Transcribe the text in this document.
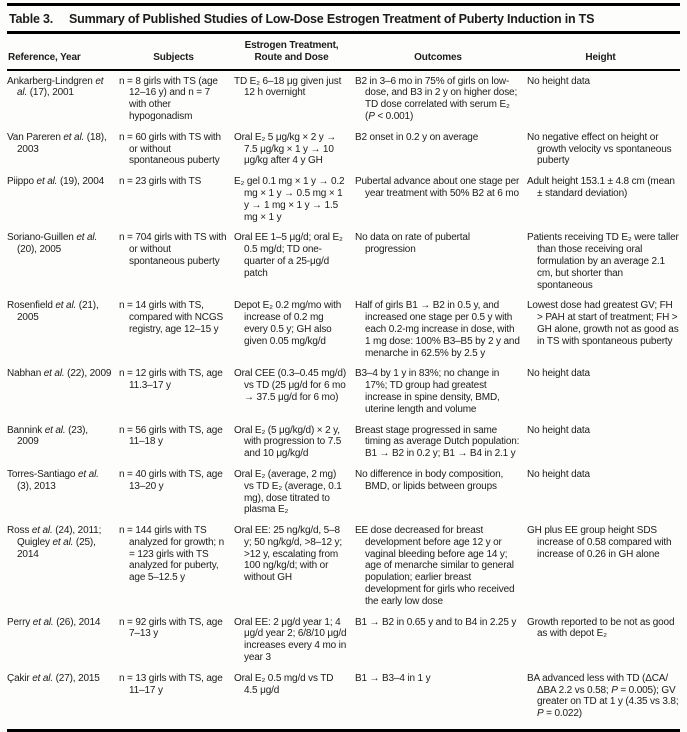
Table 3. Summary of Published Studies of Low-Dose Estrogen Treatment of Puberty Induction in TS
Reference, Year	Subjects	Estrogen Treatment, Route and Dose	Outcomes	Height

Ankarberg-Lindgren et al. (17), 2001	n = 8 girls with TS (age 12–16 y) and n = 7 with other hypogonadism	TD E₂ 6–18 μg given just 12 h overnight	B2 in 3–6 mo in 75% of girls on low-dose, and B3 in 2 y on higher dose; TD dose correlated with serum E₂ (P < 0.001)	No height data

Van Pareren et al. (18), 2003	n = 60 girls with TS with or without spontaneous puberty	Oral E₂ 5 μg/kg × 2 y → 7.5 μg/kg × 1 y → 10 μg/kg after 4 y GH	B2 onset in 0.2 y on average	No negative effect on height or growth velocity vs spontaneous puberty

Piippo et al. (19), 2004	n = 23 girls with TS	E₂ gel 0.1 mg × 1 y → 0.2 mg × 1 y → 0.5 mg × 1 y → 1 mg × 1 y → 1.5 mg × 1 y	Pubertal advance about one stage per year treatment with 50% B2 at 6 mo	Adult height 153.1 ± 4.8 cm (mean ± standard deviation)

Soriano-Guillen et al. (20), 2005	n = 704 girls with TS with or without spontaneous puberty	Oral EE 1–5 μg/d; oral E₂ 0.5 mg/d; TD one-quarter of a 25-μg/d patch	No data on rate of pubertal progression	Patients receiving TD E₂ were taller than those receiving oral formulation by an average 2.1 cm, but shorter than spontaneous

Rosenfield et al. (21), 2005	n = 14 girls with TS, compared with NCGS registry, age 12–15 y	Depot E₂ 0.2 mg/mo with increase of 0.2 mg every 0.5 y; GH also given 0.05 mg/kg/d	Half of girls B1 → B2 in 0.5 y, and increased one stage per 0.5 y with each 0.2-mg increase in dose, with 1 mg dose: 100% B3–B5 by 2 y and menarche in 62.5% by 2.5 y	Lowest dose had greatest GV; FH > PAH at start of treatment; FH > GH alone, growth not as good as in TS with spontaneous puberty

Nabhan et al. (22), 2009	n = 12 girls with TS, age 11.3–17 y	Oral CEE (0.3–0.45 mg/d) vs TD (25 μg/d for 6 mo → 37.5 μg/d for 6 mo)	B3–4 by 1 y in 83%; no change in 17%; TD group had greatest increase in spine density, BMD, uterine length and volume	No height data

Bannink et al. (23), 2009	n = 56 girls with TS, age 11–18 y	Oral E₂ (5 μg/kg/d) × 2 y, with progression to 7.5 and 10 μg/kg/d	Breast stage progressed in same timing as average Dutch population: B1 → B2 in 0.2 y; B1 → B4 in 2.1 y	No height data

Torres-Santiago et al. (3), 2013	n = 40 girls with TS, age 13–20 y	Oral E₂ (average, 2 mg) vs TD E₂ (average, 0.1 mg), dose titrated to plasma E₂	No difference in body composition, BMD, or lipids between groups	No height data

Ross et al. (24), 2011; Quigley et al. (25), 2014	n = 144 girls with TS analyzed for growth; n = 123 girls with TS analyzed for puberty, age 5–12.5 y	Oral EE: 25 ng/kg/d, 5–8 y; 50 ng/kg/d, >8–12 y; >12 y, escalating from 100 ng/kg/d; with or without GH	EE dose decreased for breast development before age 12 y or vaginal bleeding before age 14 y; age of menarche similar to general population; earlier breast development for girls who received the early low dose	GH plus EE group height SDS increase of 0.58 compared with increase of 0.26 in GH alone

Perry et al. (26), 2014	n = 92 girls with TS, age 7–13 y	Oral EE: 2 μg/d year 1; 4 μg/d year 2; 6/8/10 μg/d increases every 4 mo in year 3	B1 → B2 in 0.65 y and to B4 in 2.25 y	Growth reported to be not as good as with depot E₂

Çakir et al. (27), 2015	n = 13 girls with TS, age 11–17 y	Oral E₂ 0.5 mg/d vs TD 4.5 μg/d	B1 → B3–4 in 1 y	BA advanced less with TD (ΔCA/ΔBA 2.2 vs 0.58; P = 0.005); GV greater on TD at 1 y (4.35 vs 3.8; P = 0.022)
